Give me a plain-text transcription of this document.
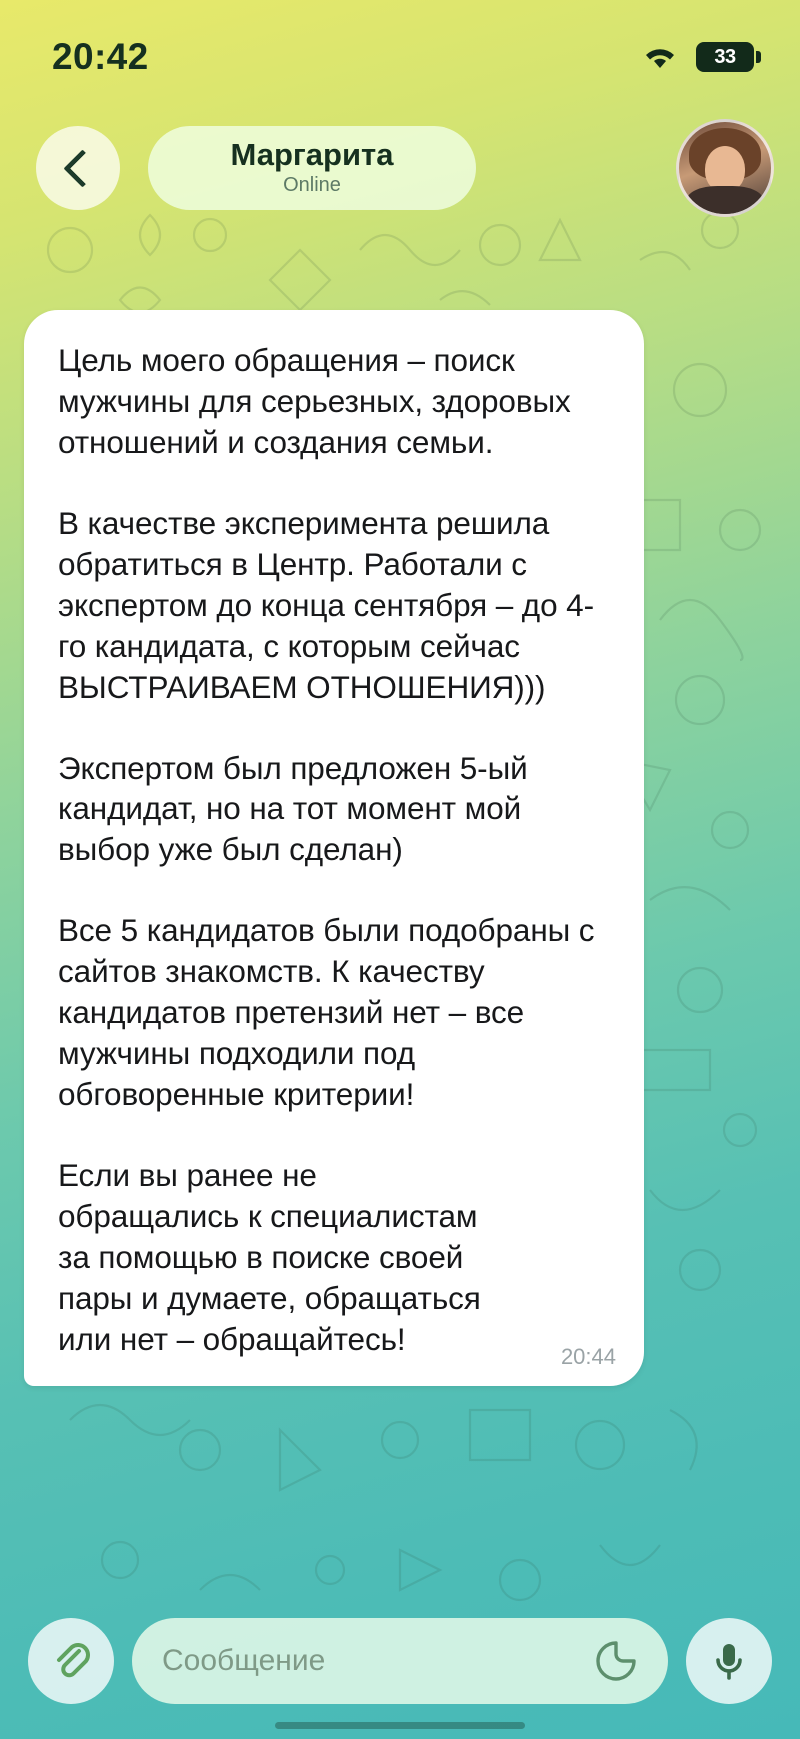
20:42	33
Маргарита
Online

Цель моего обращения – поиск мужчины для серьезных, здоровых отношений и создания семьи.

В качестве эксперимента решила обратиться в Центр. Работали с экспертом до конца сентября – до 4-го кандидата, с которым сейчас ВЫСТРАИВАЕМ ОТНОШЕНИЯ)))

Экспертом был предложен 5-ый кандидат, но на тот момент мой выбор уже был сделан)

Все 5 кандидатов были подобраны с сайтов знакомств. К качеству кандидатов претензий нет – все мужчины подходили под обговоренные критерии!

Если вы ранее не обращались к специалистам за помощью в поиске своей пары и думаете, обращаться или нет – обращайтесь!	20:44
Сообщение
